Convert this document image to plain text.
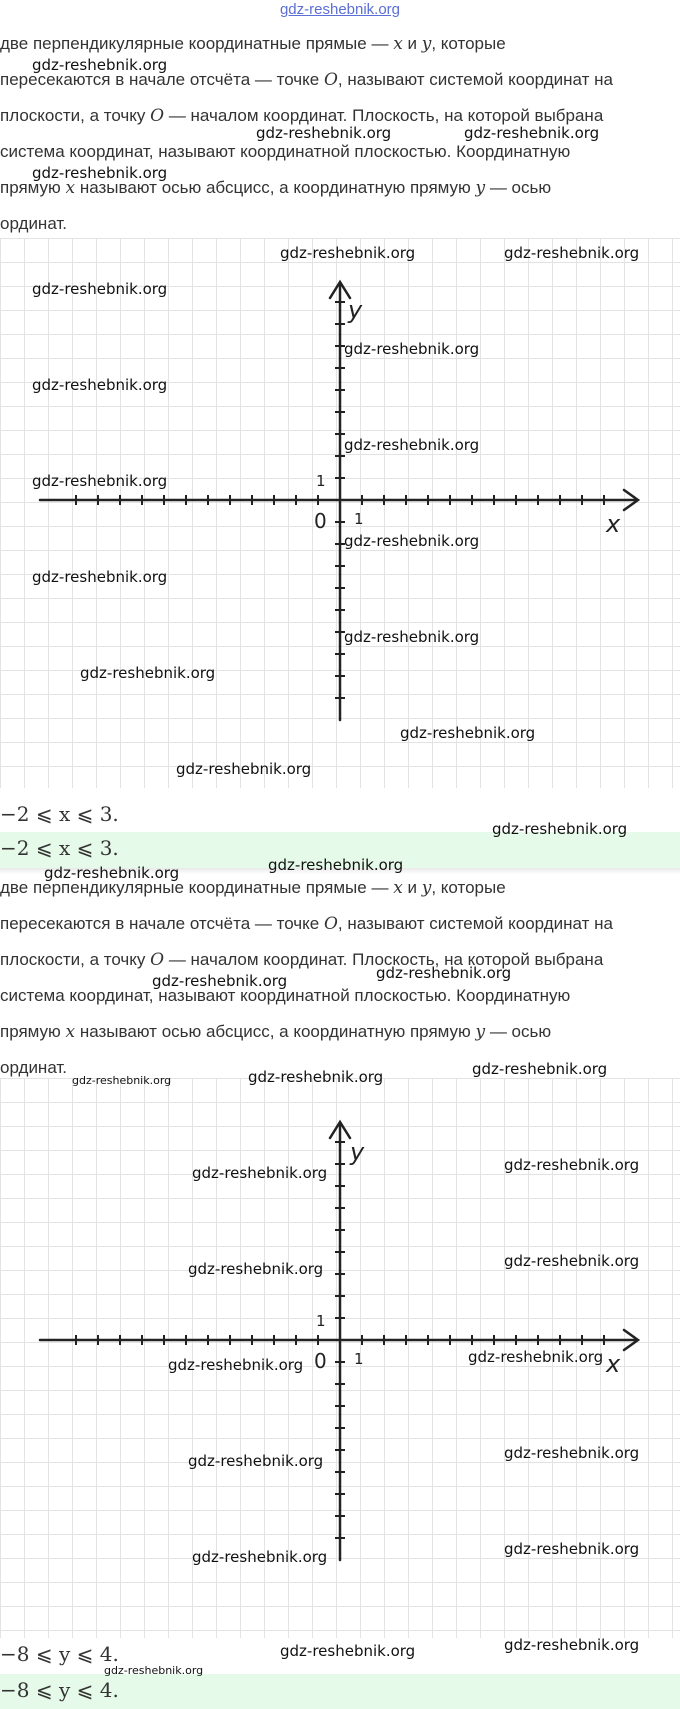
gdz-reshebnik.org

две перпендикулярные координатные прямые — x и y, которые
пересекаются в начале отсчёта — точке O, называют системой координат на
плоскости, а точку O — началом координат. Плоскость, на которой выбрана
система координат, называют координатной плоскостью. Координатную
прямую x называют осью абсцисс, а координатную прямую y — осью
ординат.

y
x
0 1
1
−2 ⩽ x ⩽ 3.
−2 ⩽ x ⩽ 3.

две перпендикулярные координатные прямые — x и y, которые
пересекаются в начале отсчёта — точке O, называют системой координат на
плоскости, а точку O — началом координат. Плоскость, на которой выбрана
система координат, называют координатной плоскостью. Координатную
прямую x называют осью абсцисс, а координатную прямую y — осью
ординат.

y
x
0 1
1
−8 ⩽ y ⩽ 4.
−8 ⩽ y ⩽ 4.
gdz-reshebnik.org
gdz-reshebnik.org	gdz-reshebnik.org
gdz-reshebnik.org
gdz-reshebnik.org	gdz-reshebnik.org
gdz-reshebnik.org
gdz-reshebnik.org
gdz-reshebnik.org
gdz-reshebnik.org
gdz-reshebnik.org
gdz-reshebnik.org
gdz-reshebnik.org
gdz-reshebnik.org
gdz-reshebnik.org
gdz-reshebnik.org
gdz-reshebnik.org
gdz-reshebnik.org
gdz-reshebnik.org
gdz-reshebnik.org
gdz-reshebnik.org
gdz-reshebnik.org
gdz-reshebnik.org	gdz-reshebnik.org	gdz-reshebnik.org
gdz-reshebnik.org	gdz-reshebnik.org
gdz-reshebnik.org	gdz-reshebnik.org
gdz-reshebnik.org	gdz-reshebnik.org
gdz-reshebnik.org	gdz-reshebnik.org
gdz-reshebnik.org	gdz-reshebnik.org
gdz-reshebnik.org	gdz-reshebnik.org
gdz-reshebnik.org
